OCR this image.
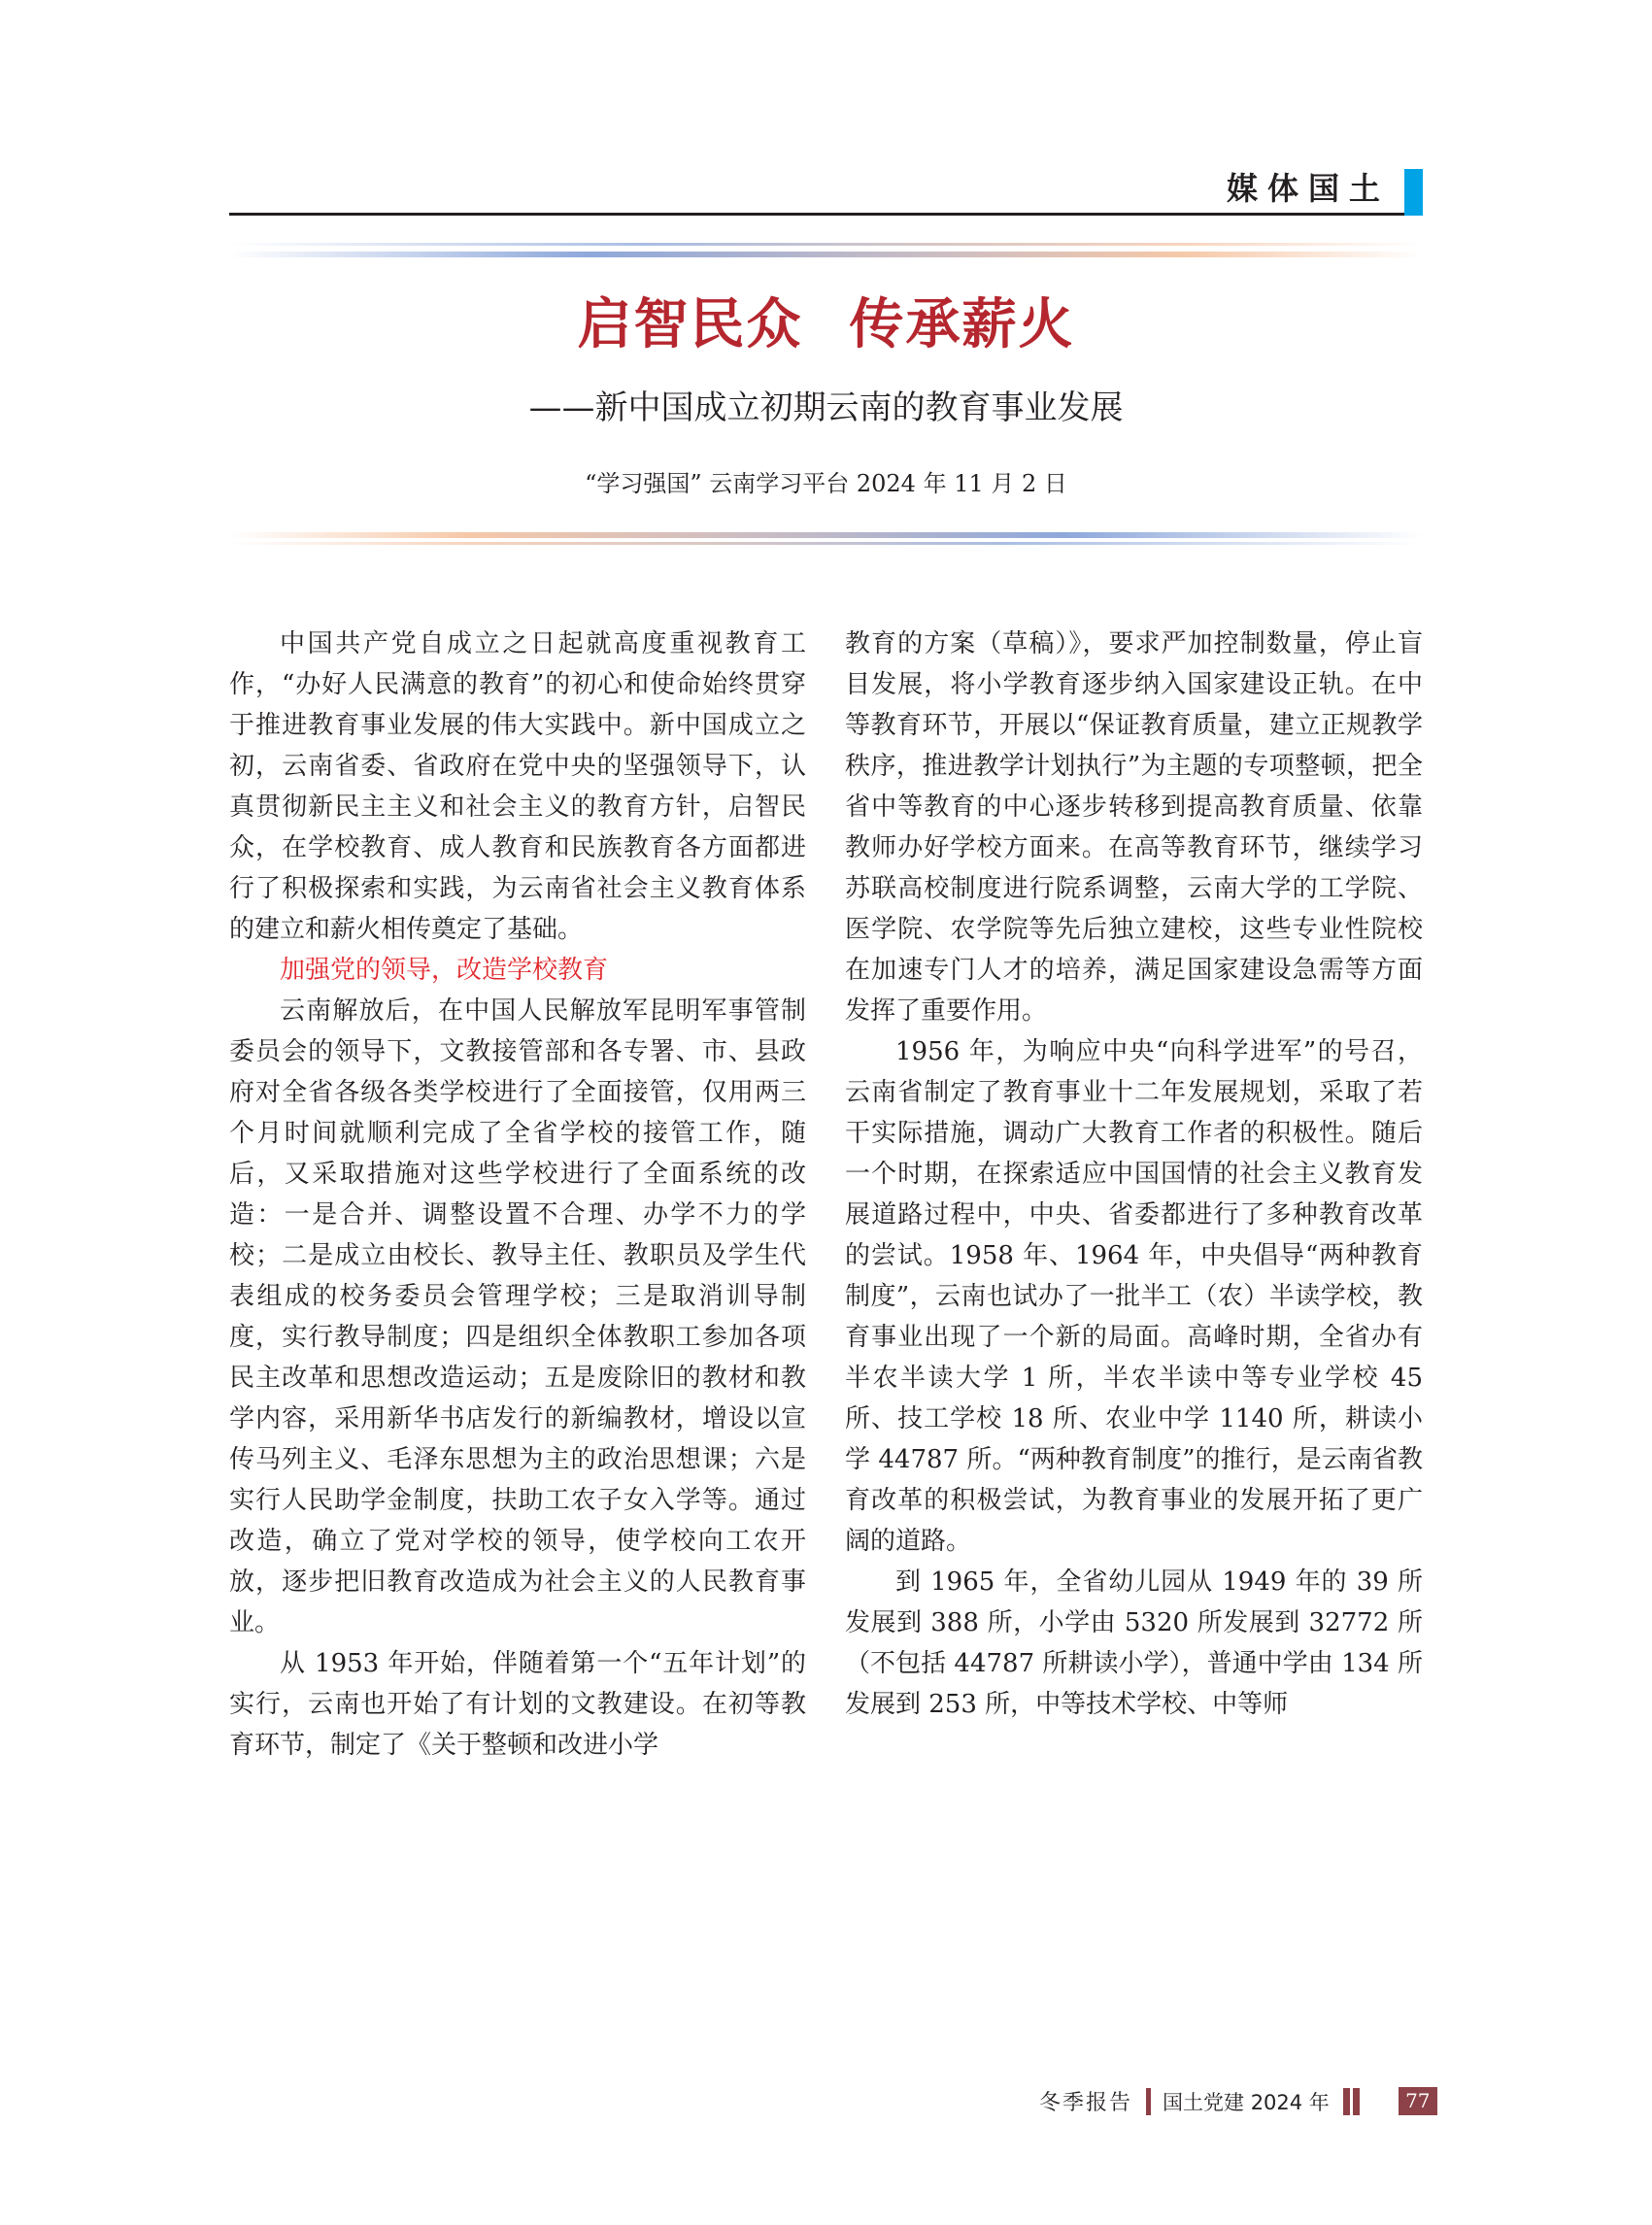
媒体国土
启智民众 传承薪火
——新中国成立初期云南的教育事业发展
“学习强国” 云南学习平台 2024 年 11 月 2 日

中国共产党自成立之日起就高度重视教育工作，“办好人民满意的教育”的初心和使命始终贯穿于推进教育事业发展的伟大实践中。新中国成立之初，云南省委、省政府在党中央的坚强领导下，认真贯彻新民主主义和社会主义的教育方针，启智民众，在学校教育、成人教育和民族教育各方面都进行了积极探索和实践，为云南省社会主义教育体系的建立和薪火相传奠定了基础。

加强党的领导，改造学校教育

云南解放后，在中国人民解放军昆明军事管制委员会的领导下，文教接管部和各专署、市、县政府对全省各级各类学校进行了全面接管，仅用两三个月时间就顺利完成了全省学校的接管工作，随后，又采取措施对这些学校进行了全面系统的改造：一是合并、调整设置不合理、办学不力的学校；二是成立由校长、教导主任、教职员及学生代表组成的校务委员会管理学校；三是取消训导制度，实行教导制度；四是组织全体教职工参加各项民主改革和思想改造运动；五是废除旧的教材和教学内容，采用新华书店发行的新编教材，增设以宣传马列主义、毛泽东思想为主的政治思想课；六是实行人民助学金制度，扶助工农子女入学等。通过改造，确立了党对学校的领导，使学校向工农开放，逐步把旧教育改造成为社会主义的人民教育事业。

从 1953 年开始，伴随着第一个“五年计划”的实行，云南也开始了有计划的文教建设。在初等教育环节，制定了《关于整顿和改进小学

教育的方案（草稿）》，要求严加控制数量，停止盲目发展，将小学教育逐步纳入国家建设正轨。在中等教育环节，开展以“保证教育质量，建立正规教学秩序，推进教学计划执行”为主题的专项整顿，把全省中等教育的中心逐步转移到提高教育质量、依靠教师办好学校方面来。在高等教育环节，继续学习苏联高校制度进行院系调整，云南大学的工学院、医学院、农学院等先后独立建校，这些专业性院校在加速专门人才的培养，满足国家建设急需等方面发挥了重要作用。

1956 年，为响应中央“向科学进军”的号召，云南省制定了教育事业十二年发展规划，采取了若干实际措施，调动广大教育工作者的积极性。随后一个时期，在探索适应中国国情的社会主义教育发展道路过程中，中央、省委都进行了多种教育改革的尝试。1958 年、1964 年，中央倡导“两种教育制度”，云南也试办了一批半工（农）半读学校，教育事业出现了一个新的局面。高峰时期，全省办有半农半读大学 1 所，半农半读中等专业学校 45 所、技工学校 18 所、农业中学 1140 所，耕读小学 44787 所。“两种教育制度”的推行，是云南省教育改革的积极尝试，为教育事业的发展开拓了更广阔的道路。

到 1965 年，全省幼儿园从 1949 年的 39 所发展到 388 所，小学由 5320 所发展到 32772 所（不包括 44787 所耕读小学），普通中学由 134 所发展到 253 所，中等技术学校、中等师

冬季报告 国土党建 2024 年	77
